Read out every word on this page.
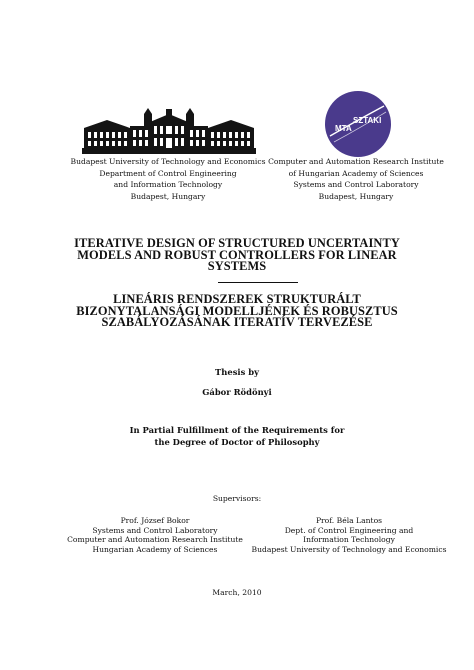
MTA
SZTAKI
Budapest University of Technology and Economics
Department of Control Engineering
and Information Technology
Budapest, Hungary
Computer and Automation Research Institute
of Hungarian Academy of Sciences
Systems and Control Laboratory
Budapest, Hungary
ITERATIVE DESIGN OF STRUCTURED UNCERTAINTY
MODELS AND ROBUST CONTROLLERS FOR LINEAR
SYSTEMS
LINEÁRIS RENDSZEREK STRUKTURÁLT
BIZONYTALANSÁGI MODELLJÉNEK ÉS ROBUSZTUS
SZABÁLYOZÁSÁNAK ITERATÍV TERVEZÉSE
Thesis by
Gábor Rödönyi
In Partial Fulfillment of the Requirements for
the Degree of Doctor of Philosophy
Supervisors:
Prof. József Bokor
Systems and Control Laboratory
Computer and Automation Research Institute
Hungarian Academy of Sciences
Prof. Béla Lantos
Dept. of Control Engineering and
Information Technology
Budapest University of Technology and Economics
March, 2010
